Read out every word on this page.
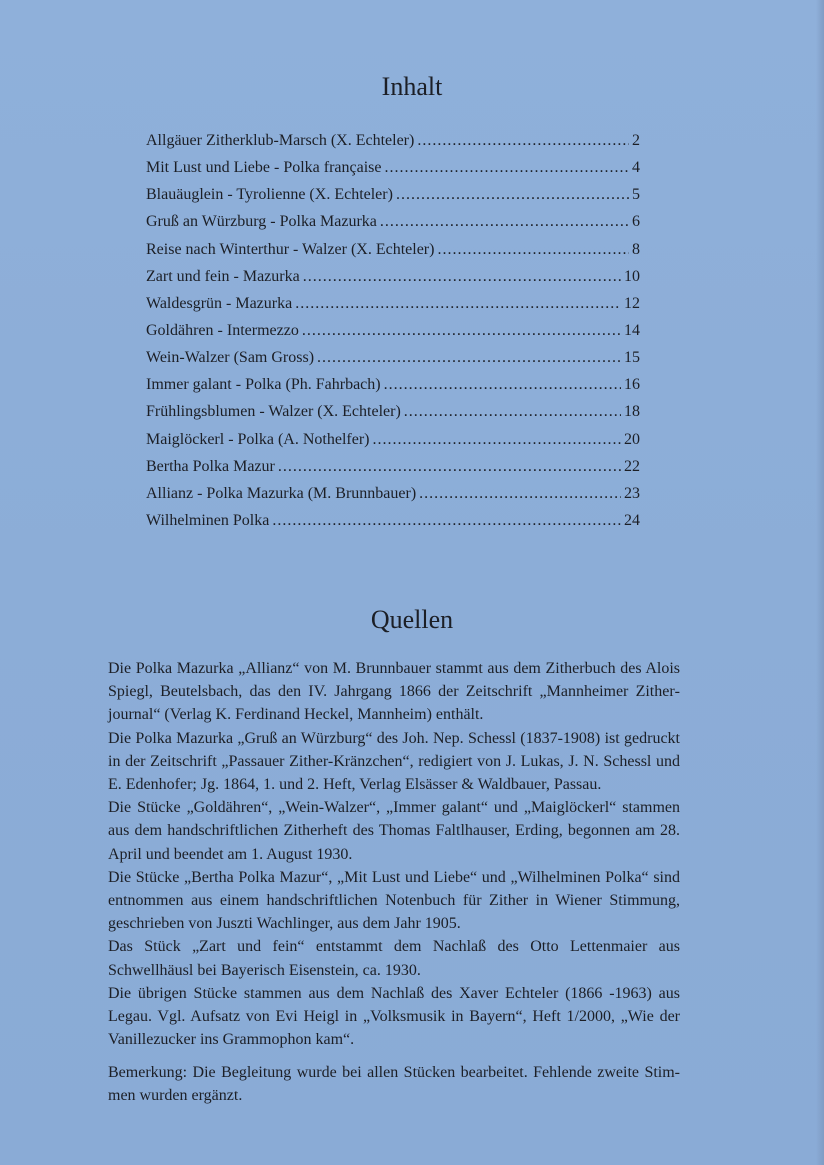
Inhalt
Allgäuer Zitherklub-Marsch (X. Echteler) .....	2
Mit Lust und Liebe - Polka française .....	4
Blauäuglein - Tyrolienne (X. Echteler) .....	5
Gruß an Würzburg - Polka Mazurka .....	6
Reise nach Winterthur - Walzer (X. Echteler) .....	8
Zart und fein - Mazurka .....	10
Waldesgrün - Mazurka .....	12
Goldähren - Intermezzo .....	14
Wein-Walzer (Sam Gross) .....	15
Immer galant - Polka (Ph. Fahrbach) .....	16
Frühlingsblumen - Walzer (X. Echteler) .....	18
Maiglöckerl - Polka (A. Nothelfer) .....	20
Bertha Polka Mazur .....	22
Allianz - Polka Mazurka (M. Brunnbauer) .....	23
Wilhelminen Polka .....	24
Quellen

Die Polka Mazurka „Allianz“ von M. Brunnbauer stammt aus dem Zitherbuch des Alois Spiegl, Beutelsbach, das den IV. Jahrgang 1866 der Zeitschrift „Mannheimer Zitherjournal“ (Verlag K. Ferdinand Heckel, Mannheim) enthält.

Die Polka Mazurka „Gruß an Würzburg“ des Joh. Nep. Schessl (1837-1908) ist gedruckt in der Zeitschrift „Passauer Zither-Kränzchen“, redigiert von J. Lukas, J. N. Schessl und E. Edenhofer; Jg. 1864, 1. und 2. Heft, Verlag Elsässer & Waldbauer, Passau.

Die Stücke „Goldähren“, „Wein-Walzer“, „Immer galant“ und „Maiglöckerl“ stammen aus dem handschriftlichen Zitherheft des Thomas Faltlhauser, Erding, begonnen am 28. April und beendet am 1. August 1930.

Die Stücke „Bertha Polka Mazur“, „Mit Lust und Liebe“ und „Wilhelminen Polka“ sind entnommen aus einem handschriftlichen Notenbuch für Zither in Wiener Stimmung, geschrieben von Juszti Wachlinger, aus dem Jahr 1905.

Das Stück „Zart und fein“ entstammt dem Nachlaß des Otto Lettenmaier aus Schwellhäusl bei Bayerisch Eisenstein, ca. 1930.

Die übrigen Stücke stammen aus dem Nachlaß des Xaver Echteler (1866 -1963) aus Legau. Vgl. Aufsatz von Evi Heigl in „Volksmusik in Bayern“, Heft 1/2000, „Wie der Vanillezucker ins Grammophon kam“.

Bemerkung: Die Begleitung wurde bei allen Stücken bearbeitet. Fehlende zweite Stimmen wurden ergänzt.
